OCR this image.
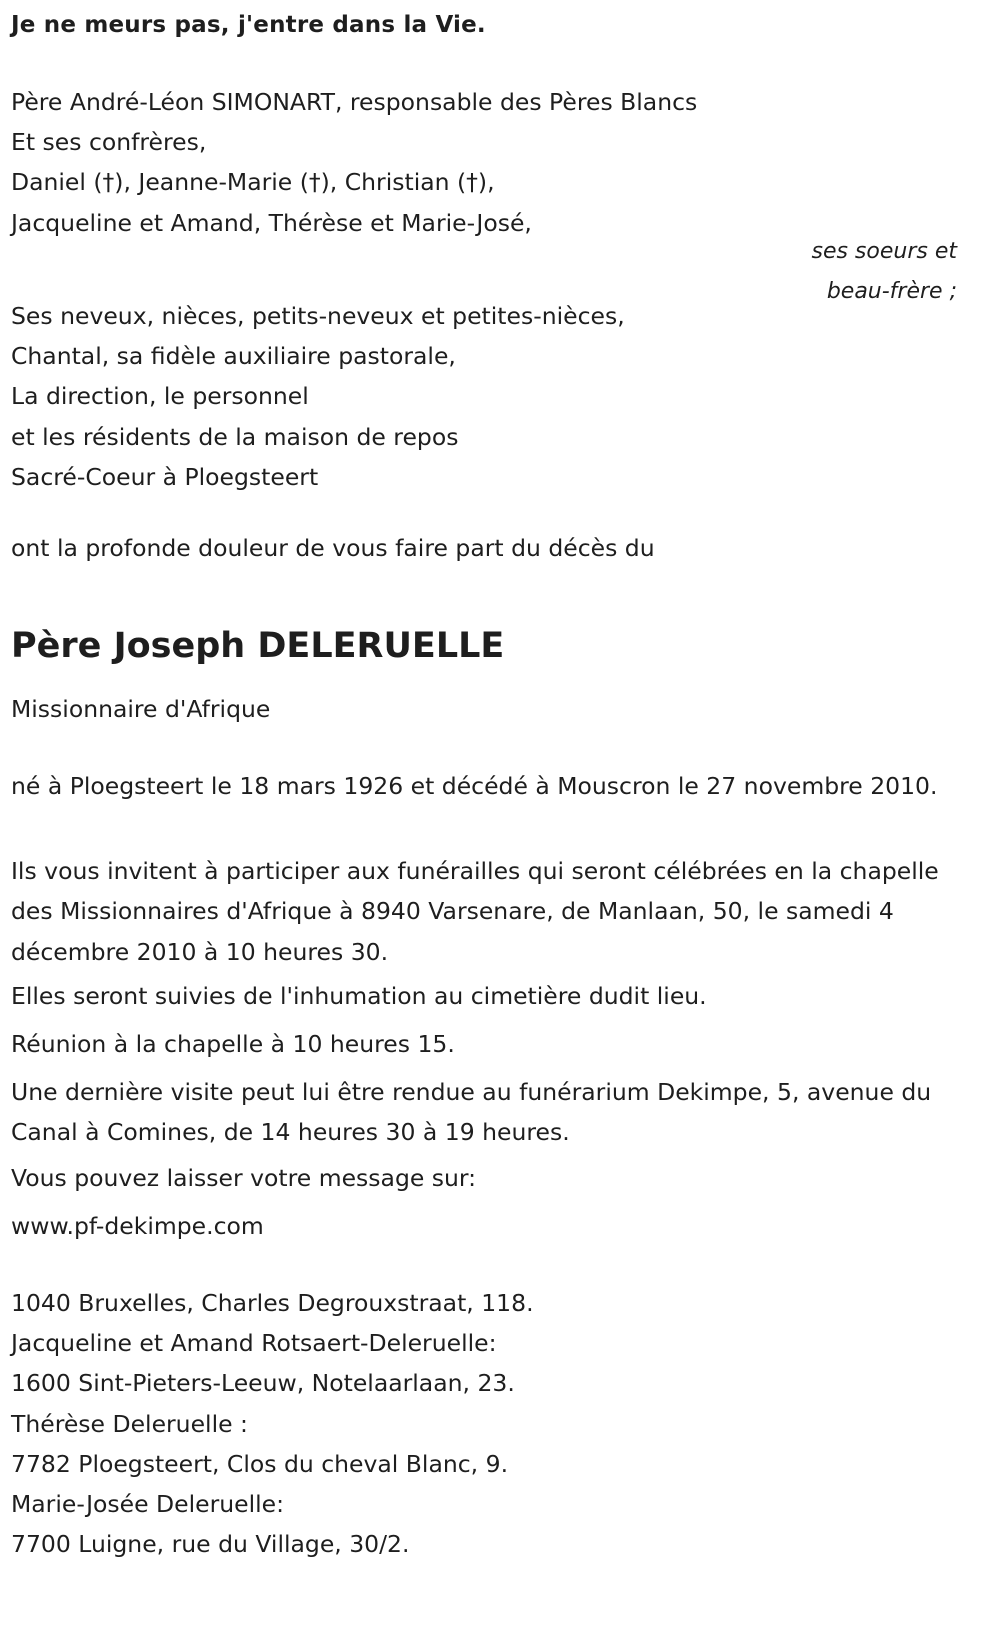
Je ne meurs pas, j'entre dans la Vie.
Père André-Léon SIMONART, responsable des Pères Blancs
Et ses confrères,
Daniel (†), Jeanne-Marie (†), Christian (†),
Jacqueline et Amand, Thérèse et Marie-José,
ses soeurs et
beau-frère ;
Ses neveux, nièces, petits-neveux et petites-nièces,
Chantal, sa fidèle auxiliaire pastorale,
La direction, le personnel
et les résidents de la maison de repos
Sacré-Coeur à Ploegsteert
ont la profonde douleur de vous faire part du décès du
Père Joseph DELERUELLE
Missionnaire d'Afrique
né à Ploegsteert le 18 mars 1926 et décédé à Mouscron le 27 novembre 2010.
Ils vous invitent à participer aux funérailles qui seront célébrées en la chapelle des Missionnaires d'Afrique à 8940 Varsenare, de Manlaan, 50, le samedi 4 décembre 2010 à 10 heures 30.
Elles seront suivies de l'inhumation au cimetière dudit lieu.
Réunion à la chapelle à 10 heures 15.
Une dernière visite peut lui être rendue au funérarium Dekimpe, 5, avenue du Canal à Comines, de 14 heures 30 à 19 heures.
Vous pouvez laisser votre message sur:
www.pf-dekimpe.com
1040 Bruxelles, Charles Degrouxstraat, 118.
Jacqueline et Amand Rotsaert-Deleruelle:
1600 Sint-Pieters-Leeuw, Notelaarlaan, 23.
Thérèse Deleruelle :
7782 Ploegsteert, Clos du cheval Blanc, 9.
Marie-Josée Deleruelle:
7700 Luigne, rue du Village, 30/2.
